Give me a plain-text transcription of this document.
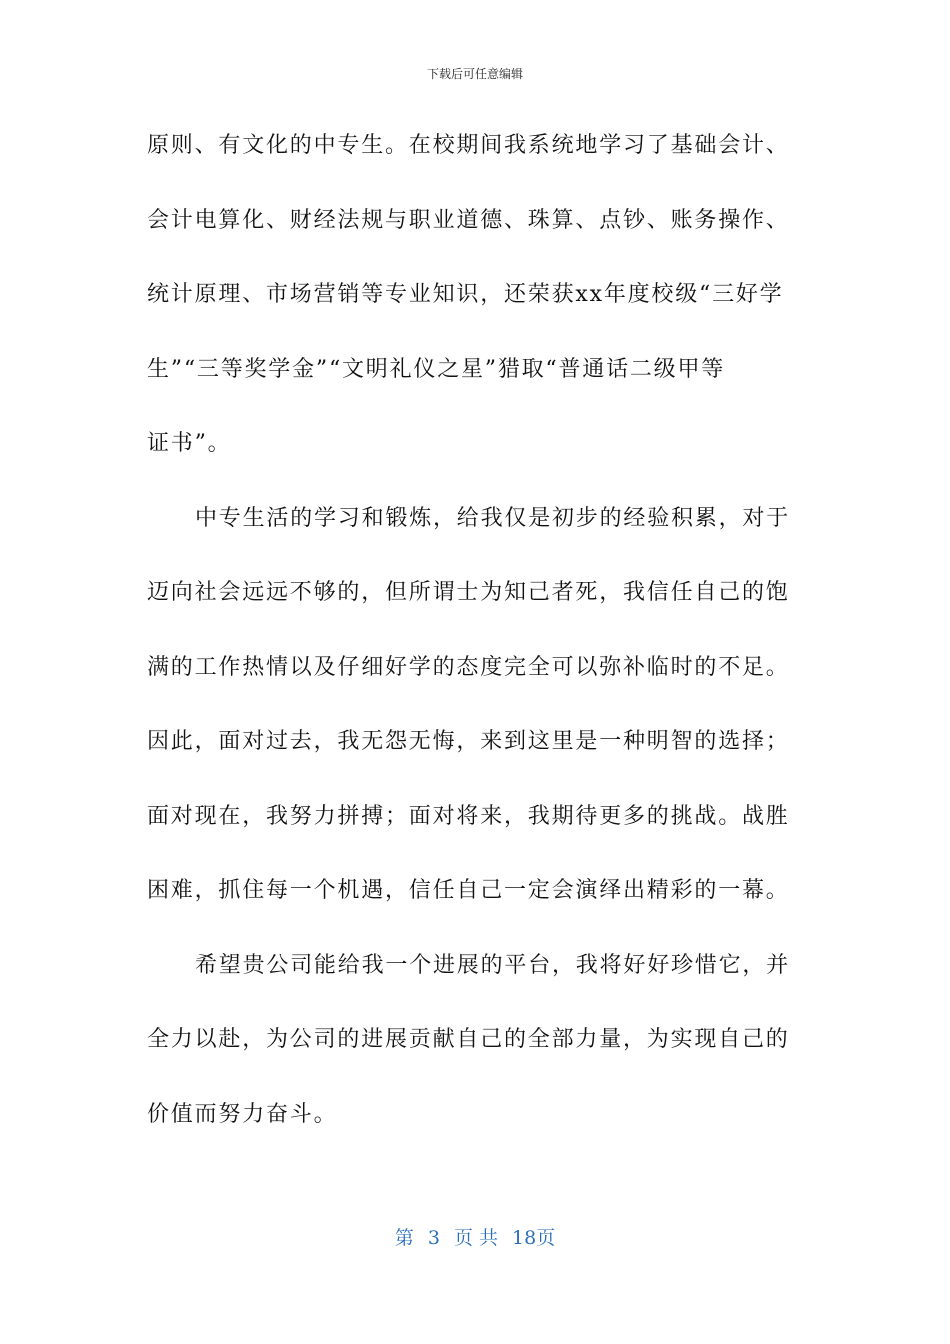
下载后可任意编辑
原则、有文化的中专生。在校期间我系统地学习了基础会计、
会计电算化、财经法规与职业道德、珠算、点钞、账务操作、
统计原理、市场营销等专业知识，还荣获xx年度校级“三好学
生”“三等奖学金”“文明礼仪之星”猎取“普通话二级甲等
证书”。
中专生活的学习和锻炼，给我仅是初步的经验积累，对于
迈向社会远远不够的，但所谓士为知己者死，我信任自己的饱
满的工作热情以及仔细好学的态度完全可以弥补临时的不足。
因此，面对过去，我无怨无悔，来到这里是一种明智的选择；
面对现在，我努力拼搏；面对将来，我期待更多的挑战。战胜
困难，抓住每一个机遇，信任自己一定会演绎出精彩的一幕。
希望贵公司能给我一个进展的平台，我将好好珍惜它，并
全力以赴，为公司的进展贡献自己的全部力量，为实现自己的
价值而努力奋斗。
第 3 页 共 18页
